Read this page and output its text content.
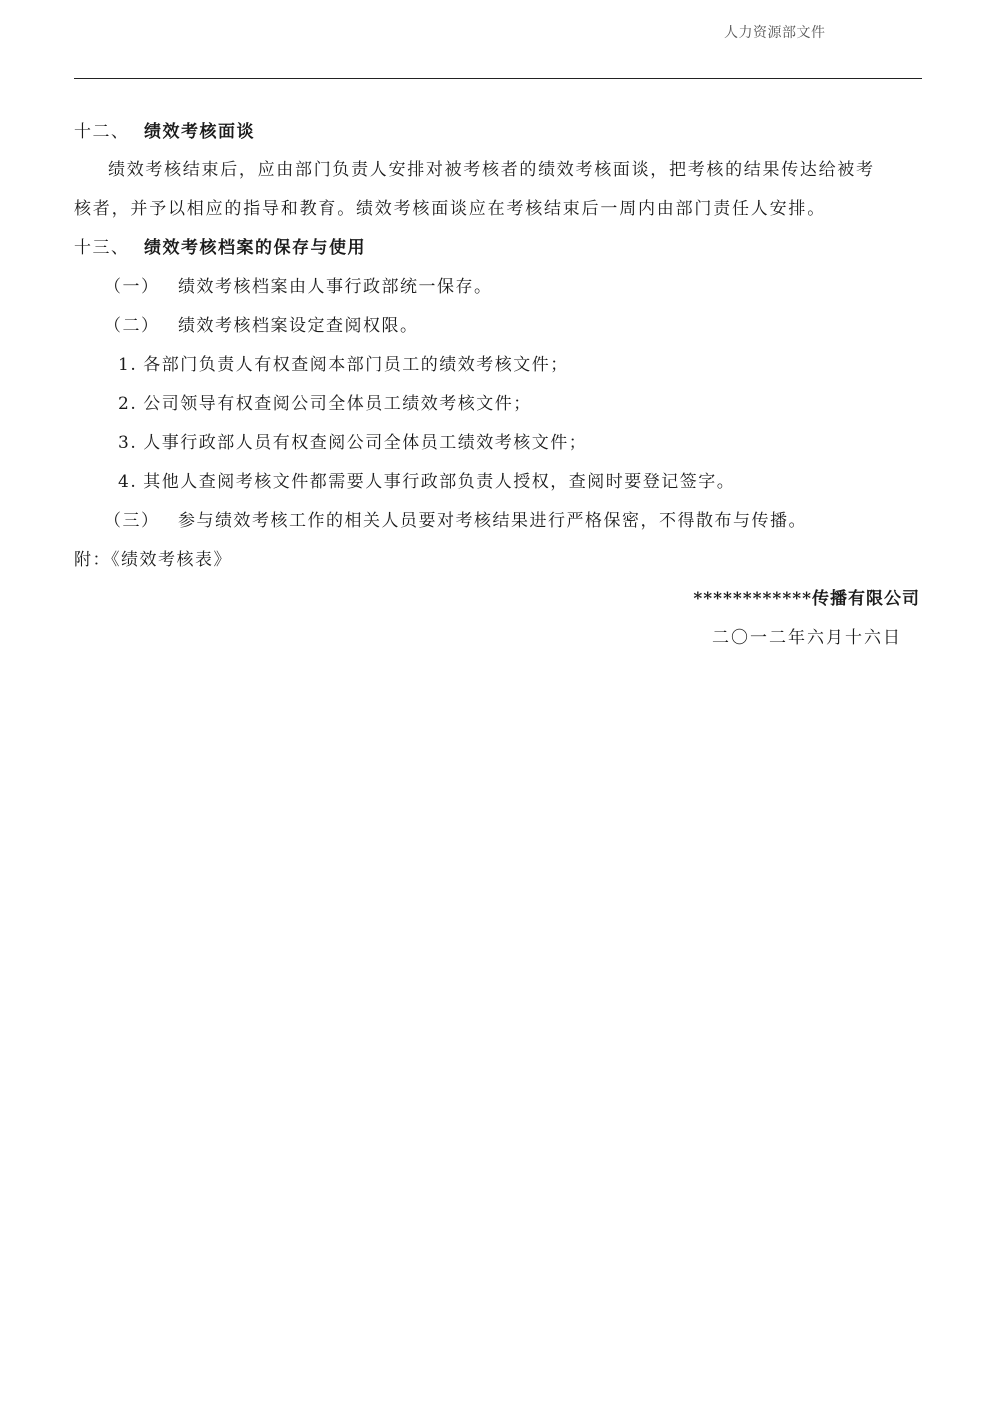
人力资源部文件
十二、 绩效考核面谈
绩效考核结束后，应由部门负责人安排对被考核者的绩效考核面谈，把考核的结果传达给被考
核者，并予以相应的指导和教育。绩效考核面谈应在考核结束后一周内由部门责任人安排。
十三、 绩效考核档案的保存与使用
（一） 绩效考核档案由人事行政部统一保存。
（二） 绩效考核档案设定查阅权限。
1. 各部门负责人有权查阅本部门员工的绩效考核文件；
2. 公司领导有权查阅公司全体员工绩效考核文件；
3. 人事行政部人员有权查阅公司全体员工绩效考核文件；
4. 其他人查阅考核文件都需要人事行政部负责人授权，查阅时要登记签字。
（三） 参与绩效考核工作的相关人员要对考核结果进行严格保密，不得散布与传播。
附：《绩效考核表》
************传播有限公司
二〇一二年六月十六日
